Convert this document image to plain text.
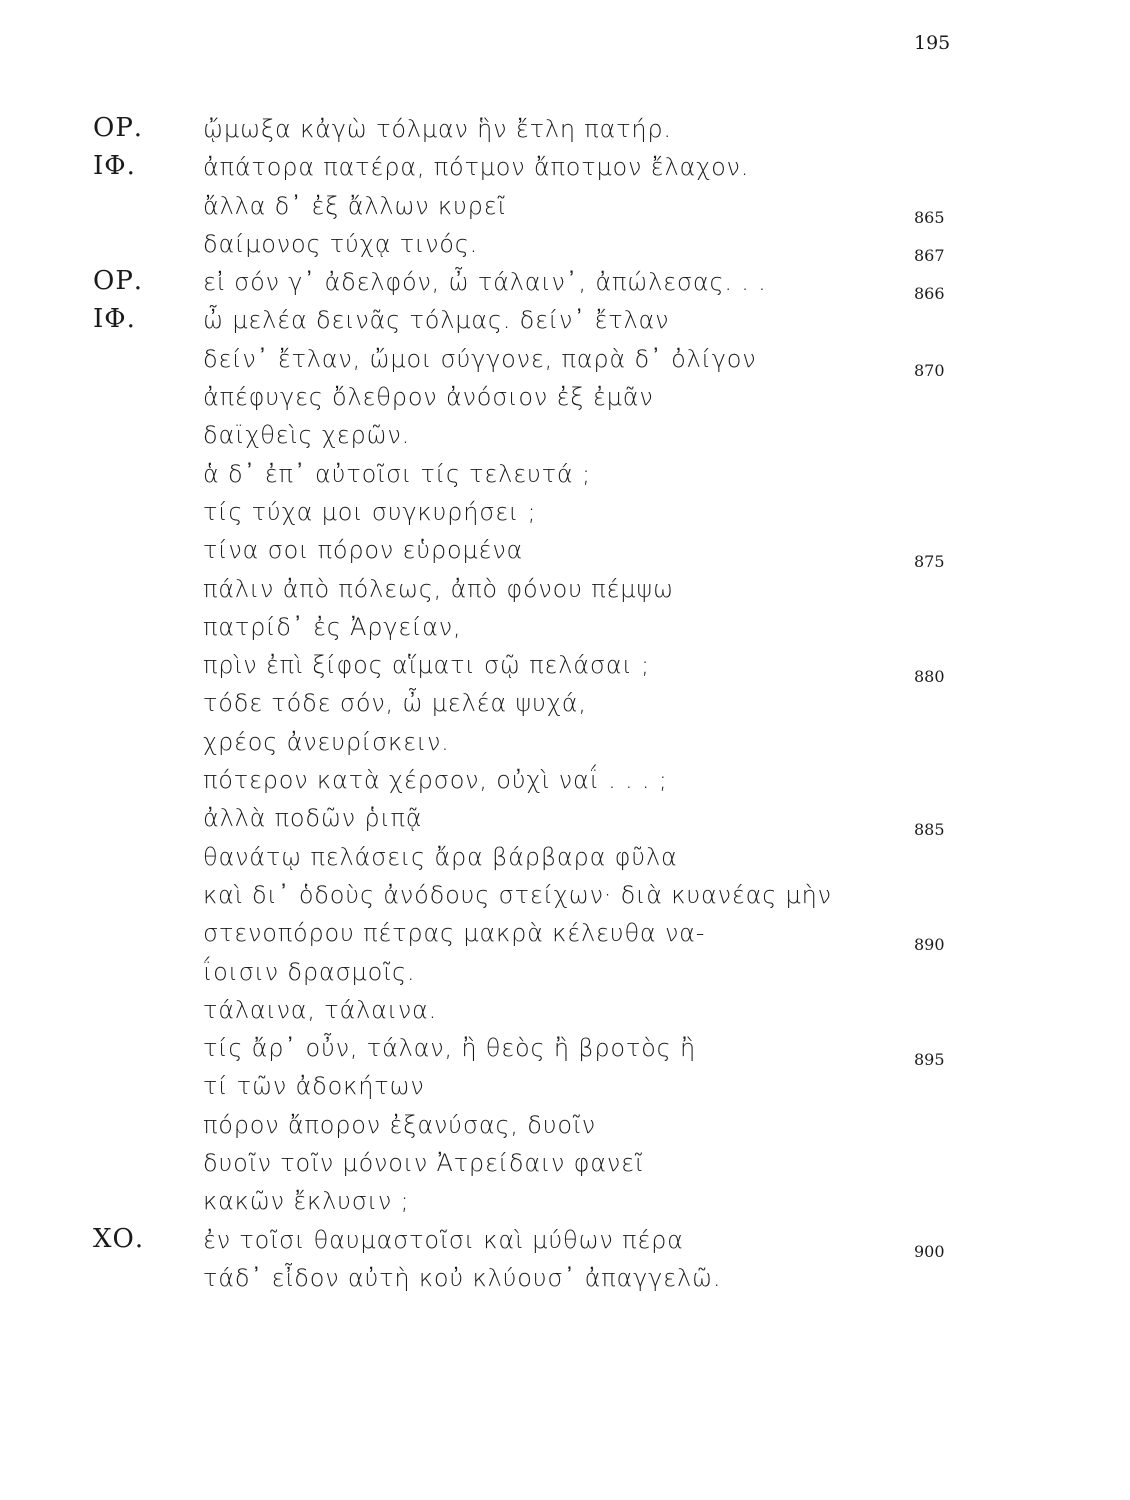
195
ΟΡ. ᾤμωξα κἀγὼ τόλμαν ἣν ἔτλη πατήρ.
ΙΦ.	ἀπάτορα πατέρα, πότμον ἄποτμον ἔλαχον.
ἄλλα δ᾽ ἐξ ἄλλων κυρεῖ	865
δαίμονος τύχᾳ τινός.	867
ΟΡ. εἰ σόν γ᾽ ἀδελφόν, ὦ τάλαιν᾽, ἀπώλεσας. . .	866
ΙΦ.	ὦ μελέα δεινᾶς τόλμας. δείν᾽ ἔτλαν
δείν᾽ ἔτλαν, ὤμοι σύγγονε, παρὰ δ᾽ ὀλίγον	870
ἀπέφυγες ὄλεθρον ἀνόσιον ἐξ ἐμᾶν
δαϊχθεὶς χερῶν.
ἁ δ᾽ ἐπ᾽ αὐτοῖσι τίς τελευτά ;
τίς τύχα μοι συγκυρήσει ;
τίνα σοι πόρον εὑρομένα	875
πάλιν ἀπὸ πόλεως, ἀπὸ φόνου πέμψω
πατρίδ᾽ ἐς Ἀργείαν,
πρὶν ἐπὶ ξίφος αἵματι σῷ πελάσαι ;	880
τόδε τόδε σόν, ὦ μελέα ψυχά,
χρέος ἀνευρίσκειν.
πότερον κατὰ χέρσον, οὐχὶ ναΐ . . . ;
ἀλλὰ ποδῶν ῥιπᾷ	885
θανάτῳ πελάσεις ἄρα βάρβαρα φῦλα
καὶ δι᾽ ὁδοὺς ἀνόδους στείχων· διὰ κυανέας μὴν
στενοπόρου πέτρας μακρὰ κέλευθα να-	890
ΐοισιν δρασμοῖς.
τάλαινα, τάλαινα.
τίς ἄρ᾽ οὖν, τάλαν, ἢ θεὸς ἢ βροτὸς ἢ	895
τί τῶν ἀδοκήτων
πόρον ἄπορον ἐξανύσας, δυοῖν
δυοῖν τοῖν μόνοιν Ἀτρείδαιν φανεῖ
κακῶν ἔκλυσιν ;
ΧΟ. ἐν τοῖσι θαυμαστοῖσι καὶ μύθων πέρα	900
τάδ᾽ εἶδον αὐτὴ κοὐ κλύουσ᾽ ἀπαγγελῶ.
